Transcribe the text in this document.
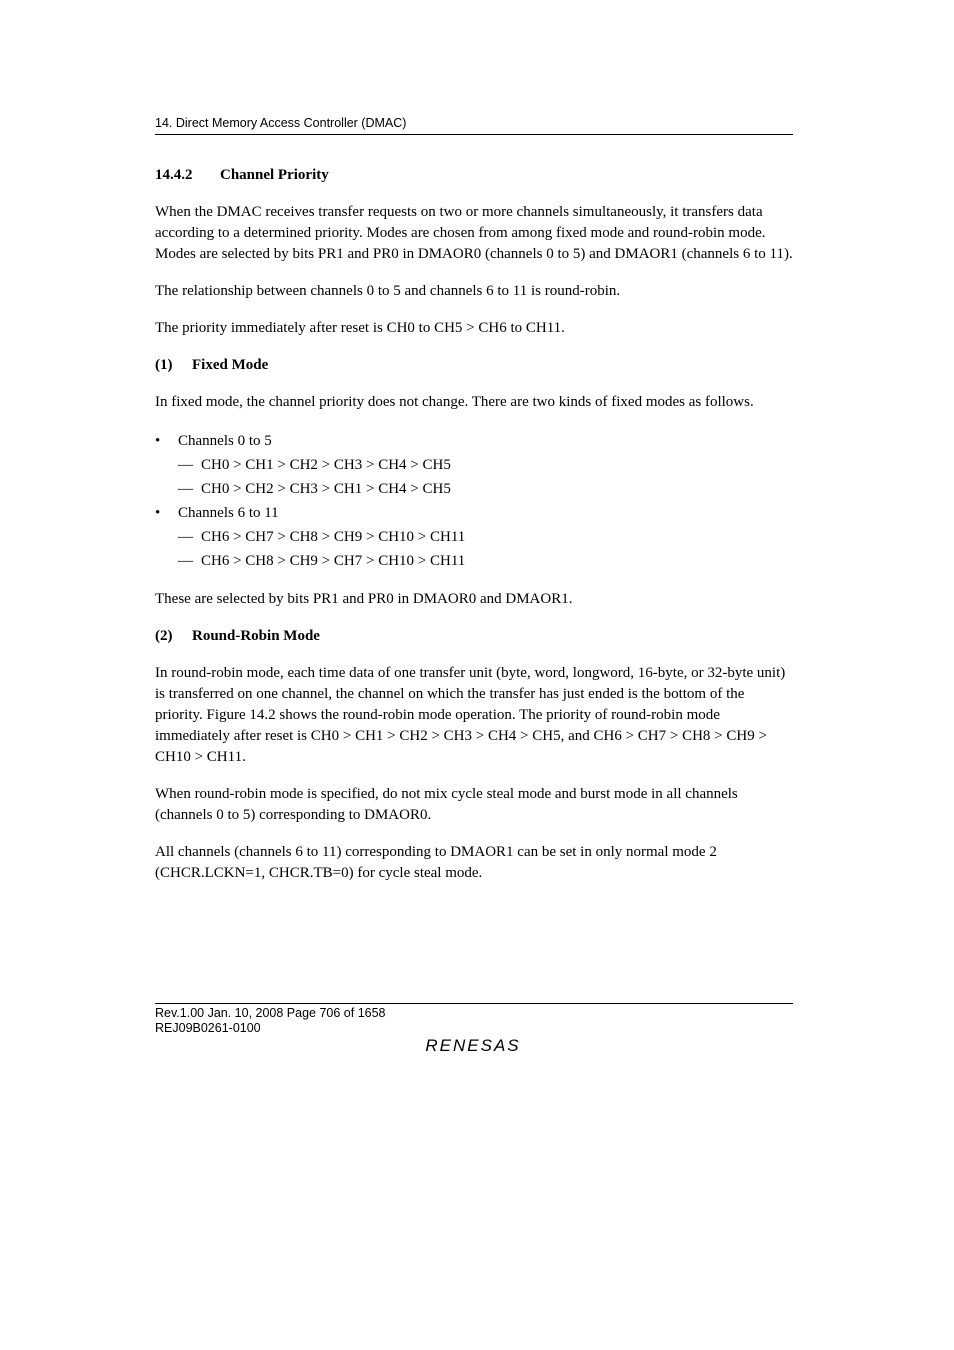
14. Direct Memory Access Controller (DMAC)
14.4.2 Channel Priority

When the DMAC receives transfer requests on two or more channels simultaneously, it transfers data according to a determined priority. Modes are chosen from among fixed mode and round-robin mode. Modes are selected by bits PR1 and PR0 in DMAOR0 (channels 0 to 5) and DMAOR1 (channels 6 to 11).

The relationship between channels 0 to 5 and channels 6 to 11 is round-robin.

The priority immediately after reset is CH0 to CH5 > CH6 to CH11.

(1) Fixed Mode

In fixed mode, the channel priority does not change. There are two kinds of fixed modes as follows.

• Channels 0 to 5
— CH0 > CH1 > CH2 > CH3 > CH4 > CH5
— CH0 > CH2 > CH3 > CH1 > CH4 > CH5
• Channels 6 to 11
— CH6 > CH7 > CH8 > CH9 > CH10 > CH11
— CH6 > CH8 > CH9 > CH7 > CH10 > CH11

These are selected by bits PR1 and PR0 in DMAOR0 and DMAOR1.

(2) Round-Robin Mode

In round-robin mode, each time data of one transfer unit (byte, word, longword, 16-byte, or 32-byte unit) is transferred on one channel, the channel on which the transfer has just ended is the bottom of the priority. Figure 14.2 shows the round-robin mode operation. The priority of round-robin mode immediately after reset is CH0 > CH1 > CH2 > CH3 > CH4 > CH5, and CH6 > CH7 > CH8 > CH9 > CH10 > CH11.

When round-robin mode is specified, do not mix cycle steal mode and burst mode in all channels (channels 0 to 5) corresponding to DMAOR0.

All channels (channels 6 to 11) corresponding to DMAOR1 can be set in only normal mode 2 (CHCR.LCKN=1, CHCR.TB=0) for cycle steal mode.

Rev.1.00 Jan. 10, 2008 Page 706 of 1658
REJ09B0261-0100
RENESAS
